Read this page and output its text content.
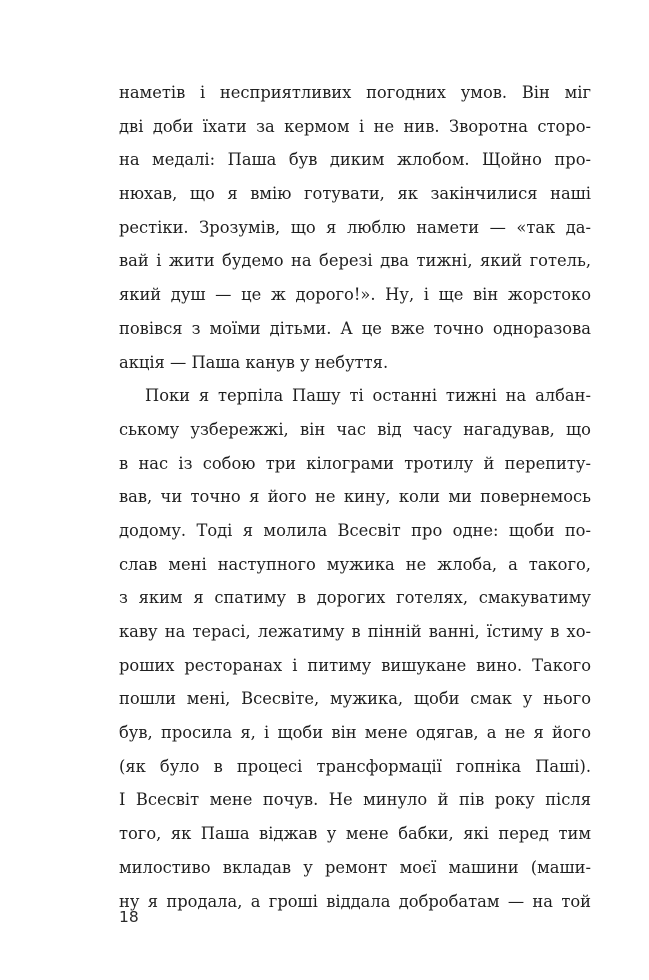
наметів і несприятливих погодних умов. Він міг
дві доби їхати за кермом і не нив. Зворотна сторо-
на медалі: Паша був диким жлобом. Щойно про-
нюхав, що я вмію готувати, як закінчилися наші
рестіки. Зрозумів, що я люблю намети — «так да-
вай і жити будемо на березі два тижні, який готель,
який душ — це ж дорого!». Ну, і ще він жорстоко
повівся з моїми дітьми. А це вже точно одноразова
акція — Паша канув у небуття.
Поки я терпіла Пашу ті останні тижні на албан-
ському узбережжі, він час від часу нагадував, що
в нас із собою три кілограми тротилу й перепиту-
вав, чи точно я його не кину, коли ми повернемось
додому. Тоді я молила Всесвіт про одне: щоби по-
слав мені наступного мужика не жлоба, а такого,
з яким я спатиму в дорогих готелях, смакуватиму
каву на терасі, лежатиму в пінній ванні, їстиму в хо-
роших ресторанах і питиму вишукане вино. Такого
пошли мені, Всесвіте, мужика, щоби смак у нього
був, просила я, і щоби він мене одягав, а не я його
(як було в процесі трансформації гопніка Паші).
І Всесвіт мене почув. Не минуло й пів року після
того, як Паша віджав у мене бабки, які перед тим
милостиво вкладав у ремонт моєї машини (маши-
ну я продала, а гроші віддала добробатам — на той
18
